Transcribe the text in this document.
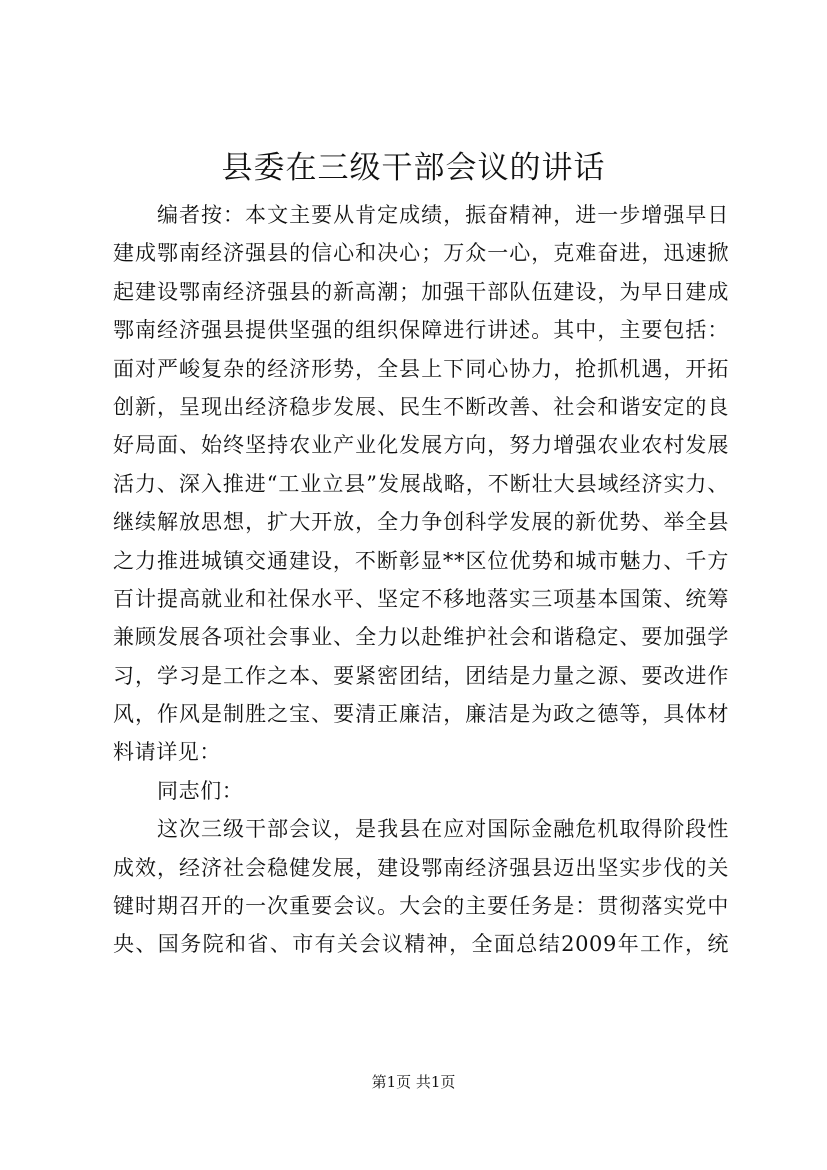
县委在三级干部会议的讲话
编者按：本文主要从肯定成绩，振奋精神，进一步增强早日
建成鄂南经济强县的信心和决心；万众一心，克难奋进，迅速掀
起建设鄂南经济强县的新高潮；加强干部队伍建设，为早日建成
鄂南经济强县提供坚强的组织保障进行讲述。其中，主要包括：
面对严峻复杂的经济形势，全县上下同心协力，抢抓机遇，开拓
创新，呈现出经济稳步发展、民生不断改善、社会和谐安定的良
好局面、始终坚持农业产业化发展方向，努力增强农业农村发展
活力、深入推进“工业立县”发展战略，不断壮大县域经济实力、
继续解放思想，扩大开放，全力争创科学发展的新优势、举全县
之力推进城镇交通建设，不断彰显**区位优势和城市魅力、千方
百计提高就业和社保水平、坚定不移地落实三项基本国策、统筹
兼顾发展各项社会事业、全力以赴维护社会和谐稳定、要加强学
习，学习是工作之本、要紧密团结，团结是力量之源、要改进作
风，作风是制胜之宝、要清正廉洁，廉洁是为政之德等，具体材
料请详见：
同志们：
这次三级干部会议，是我县在应对国际金融危机取得阶段性
成效，经济社会稳健发展，建设鄂南经济强县迈出坚实步伐的关
键时期召开的一次重要会议。大会的主要任务是：贯彻落实党中
央、国务院和省、市有关会议精神，全面总结2009年工作，统
第1页 共1页
